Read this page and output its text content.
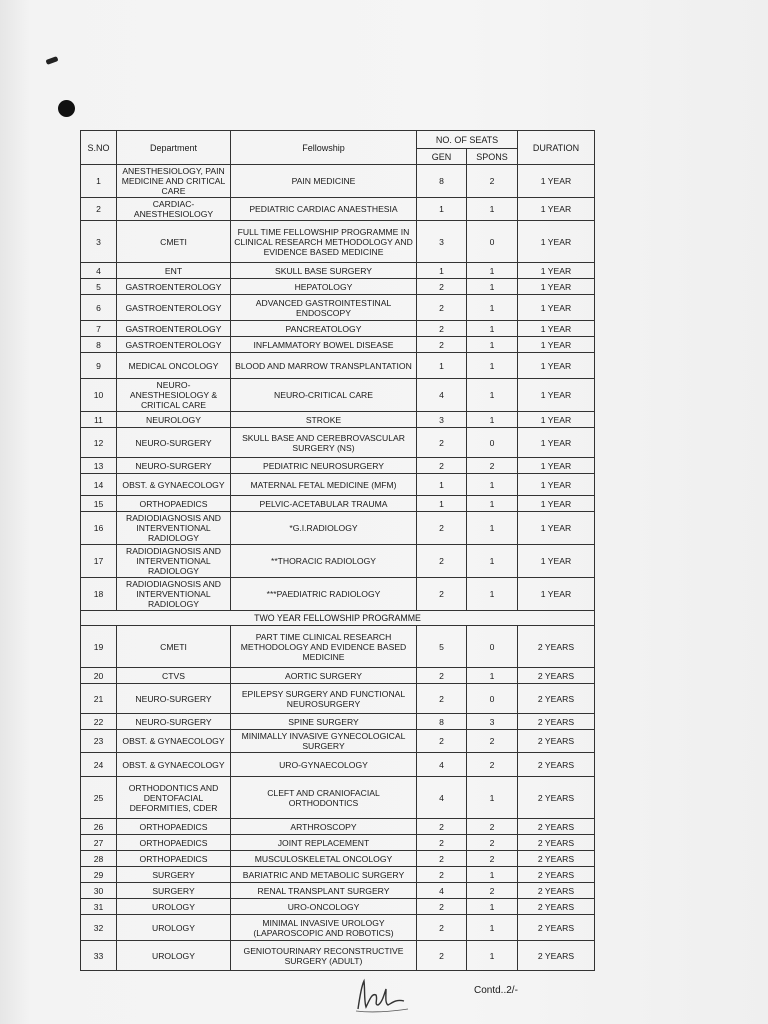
S.NO	Department	Fellowship	NO. OF SEATS		DURATION
			GEN	SPONS	
1	ANESTHESIOLOGY, PAIN MEDICINE AND CRITICAL CARE	PAIN MEDICINE	8	2	1 YEAR
2	CARDIAC-ANESTHESIOLOGY	PEDIATRIC CARDIAC ANAESTHESIA	1	1	1 YEAR
3	CMETI	FULL TIME FELLOWSHIP PROGRAMME IN CLINICAL RESEARCH METHODOLOGY AND EVIDENCE BASED MEDICINE	3	0	1 YEAR
4	ENT	SKULL BASE SURGERY	1	1	1 YEAR
5	GASTROENTEROLOGY	HEPATOLOGY	2	1	1 YEAR
6	GASTROENTEROLOGY	ADVANCED GASTROINTESTINAL ENDOSCOPY	2	1	1 YEAR
7	GASTROENTEROLOGY	PANCREATOLOGY	2	1	1 YEAR
8	GASTROENTEROLOGY	INFLAMMATORY BOWEL DISEASE	2	1	1 YEAR
9	MEDICAL ONCOLOGY	BLOOD AND MARROW TRANSPLANTATION	1	1	1 YEAR
10	NEURO-ANESTHESIOLOGY & CRITICAL CARE	NEURO-CRITICAL CARE	4	1	1 YEAR
11	NEUROLOGY	STROKE	3	1	1 YEAR
12	NEURO-SURGERY	SKULL BASE AND CEREBROVASCULAR SURGERY (NS)	2	0	1 YEAR
13	NEURO-SURGERY	PEDIATRIC NEUROSURGERY	2	2	1 YEAR
14	OBST. & GYNAECOLOGY	MATERNAL FETAL MEDICINE (MFM)	1	1	1 YEAR
15	ORTHOPAEDICS	PELVIC-ACETABULAR TRAUMA	1	1	1 YEAR
16	RADIODIAGNOSIS AND INTERVENTIONAL RADIOLOGY	*G.I.RADIOLOGY	2	1	1 YEAR
17	RADIODIAGNOSIS AND INTERVENTIONAL RADIOLOGY	**THORACIC RADIOLOGY	2	1	1 YEAR
18	RADIODIAGNOSIS AND INTERVENTIONAL RADIOLOGY	***PAEDIATRIC RADIOLOGY	2	1	1 YEAR
TWO YEAR FELLOWSHIP PROGRAMME					
19	CMETI	PART TIME CLINICAL RESEARCH METHODOLOGY AND EVIDENCE BASED MEDICINE	5	0	2 YEARS
20	CTVS	AORTIC SURGERY	2	1	2 YEARS
21	NEURO-SURGERY	EPILEPSY SURGERY AND FUNCTIONAL NEUROSURGERY	2	0	2 YEARS
22	NEURO-SURGERY	SPINE SURGERY	8	3	2 YEARS
23	OBST. & GYNAECOLOGY	MINIMALLY INVASIVE GYNECOLOGICAL SURGERY	2	2	2 YEARS
24	OBST. & GYNAECOLOGY	URO-GYNAECOLOGY	4	2	2 YEARS
25	ORTHODONTICS AND DENTOFACIAL DEFORMITIES, CDER	CLEFT AND CRANIOFACIAL ORTHODONTICS	4	1	2 YEARS
26	ORTHOPAEDICS	ARTHROSCOPY	2	2	2 YEARS
27	ORTHOPAEDICS	JOINT REPLACEMENT	2	2	2 YEARS
28	ORTHOPAEDICS	MUSCULOSKELETAL ONCOLOGY	2	2	2 YEARS
29	SURGERY	BARIATRIC AND METABOLIC SURGERY	2	1	2 YEARS
30	SURGERY	RENAL TRANSPLANT SURGERY	4	2	2 YEARS
31	UROLOGY	URO-ONCOLOGY	2	1	2 YEARS
32	UROLOGY	MINIMAL INVASIVE UROLOGY (LAPAROSCOPIC AND ROBOTICS)	2	1	2 YEARS
33	UROLOGY	GENIOTOURINARY RECONSTRUCTIVE SURGERY (ADULT)	2	1	2 YEARS
Contd..2/-
